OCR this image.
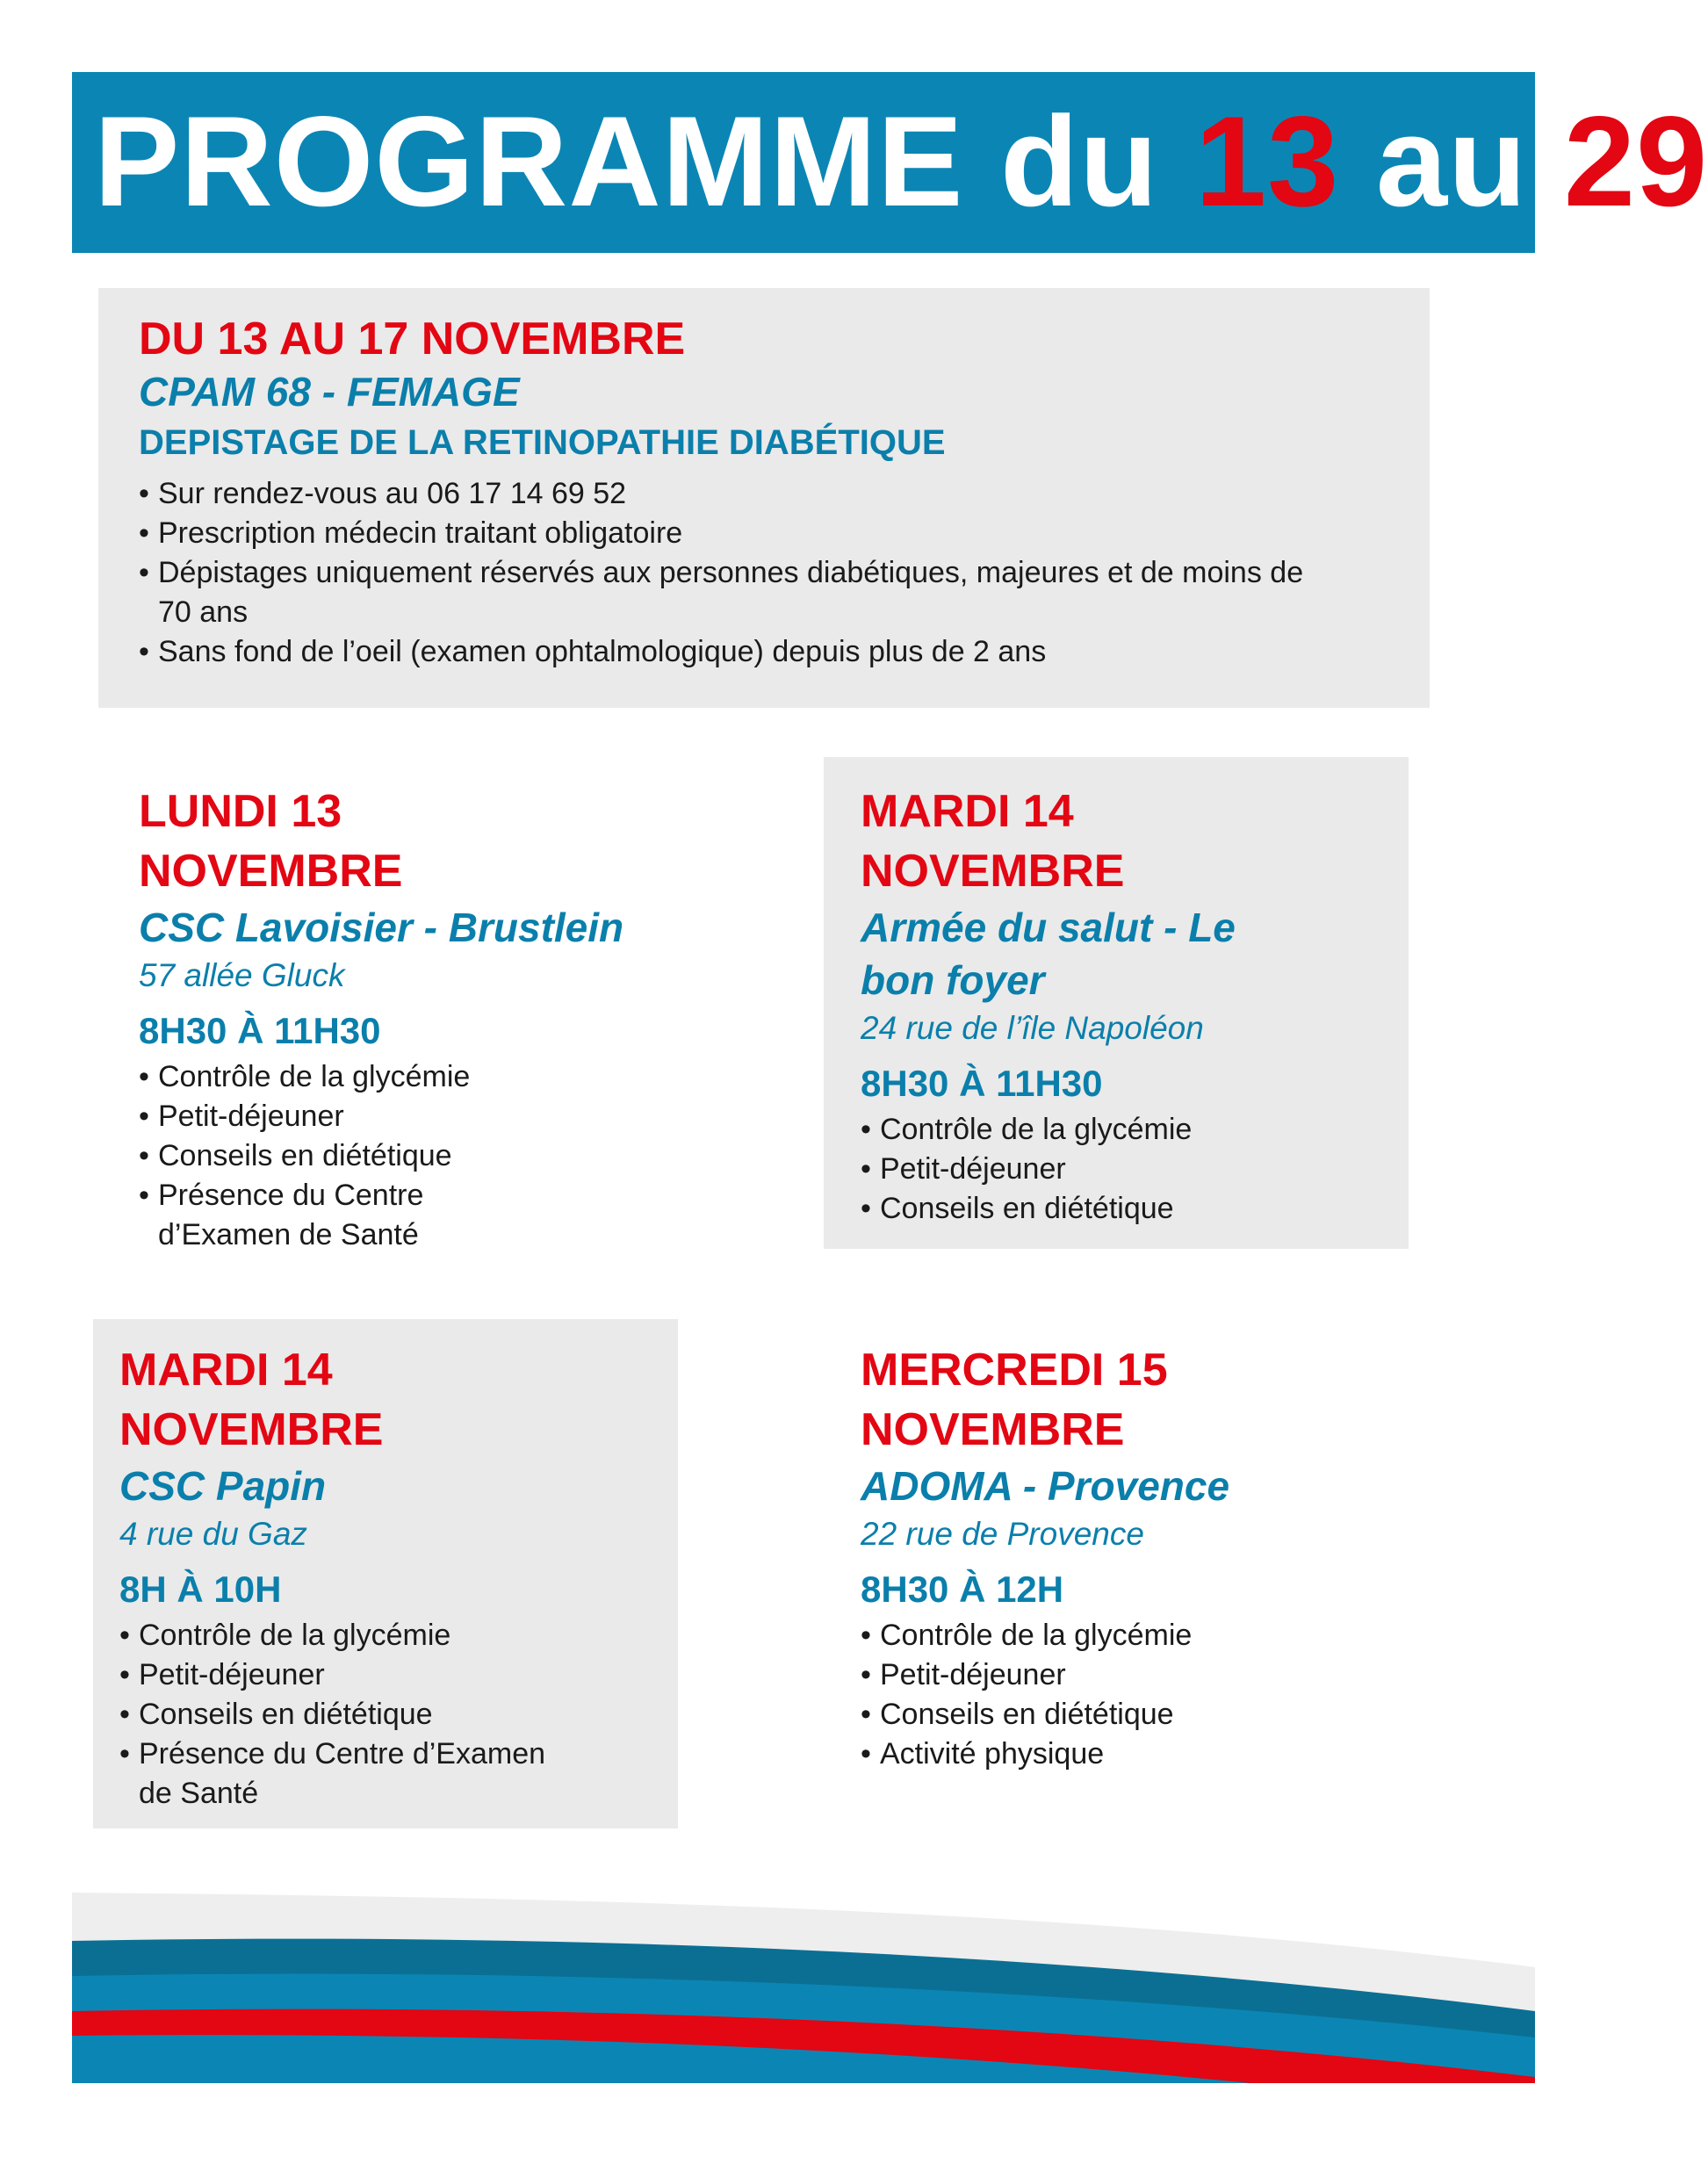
PROGRAMME du 13 au 29

DU 13 AU 17 NOVEMBRE

CPAM 68 - FEMAGE

DEPISTAGE DE LA RETINOPATHIE DIABÉTIQUE

• Sur rendez-vous au 06 17 14 69 52
• Prescription médecin traitant obligatoire
• Dépistages uniquement réservés aux personnes diabétiques, majeures et de moins de 70 ans
• Sans fond de l’oeil (examen ophtalmologique) depuis plus de 2 ans

LUNDI 13
NOVEMBRE

CSC Lavoisier - Brustlein

57 allée Gluck

8H30 À 11H30

• Contrôle de la glycémie
• Petit-déjeuner
• Conseils en diététique
• Présence du Centre d’Examen de Santé

MARDI 14
NOVEMBRE

Armée du salut - Le bon foyer

24 rue de l’île Napoléon

8H30 À 11H30

• Contrôle de la glycémie
• Petit-déjeuner
• Conseils en diététique

MARDI 14
NOVEMBRE

CSC Papin

4 rue du Gaz

8H À 10H

• Contrôle de la glycémie
• Petit-déjeuner
• Conseils en diététique
• Présence du Centre d’Examen de Santé

MERCREDI 15
NOVEMBRE

ADOMA - Provence

22 rue de Provence

8H30 À 12H

• Contrôle de la glycémie
• Petit-déjeuner
• Conseils en diététique
• Activité physique
